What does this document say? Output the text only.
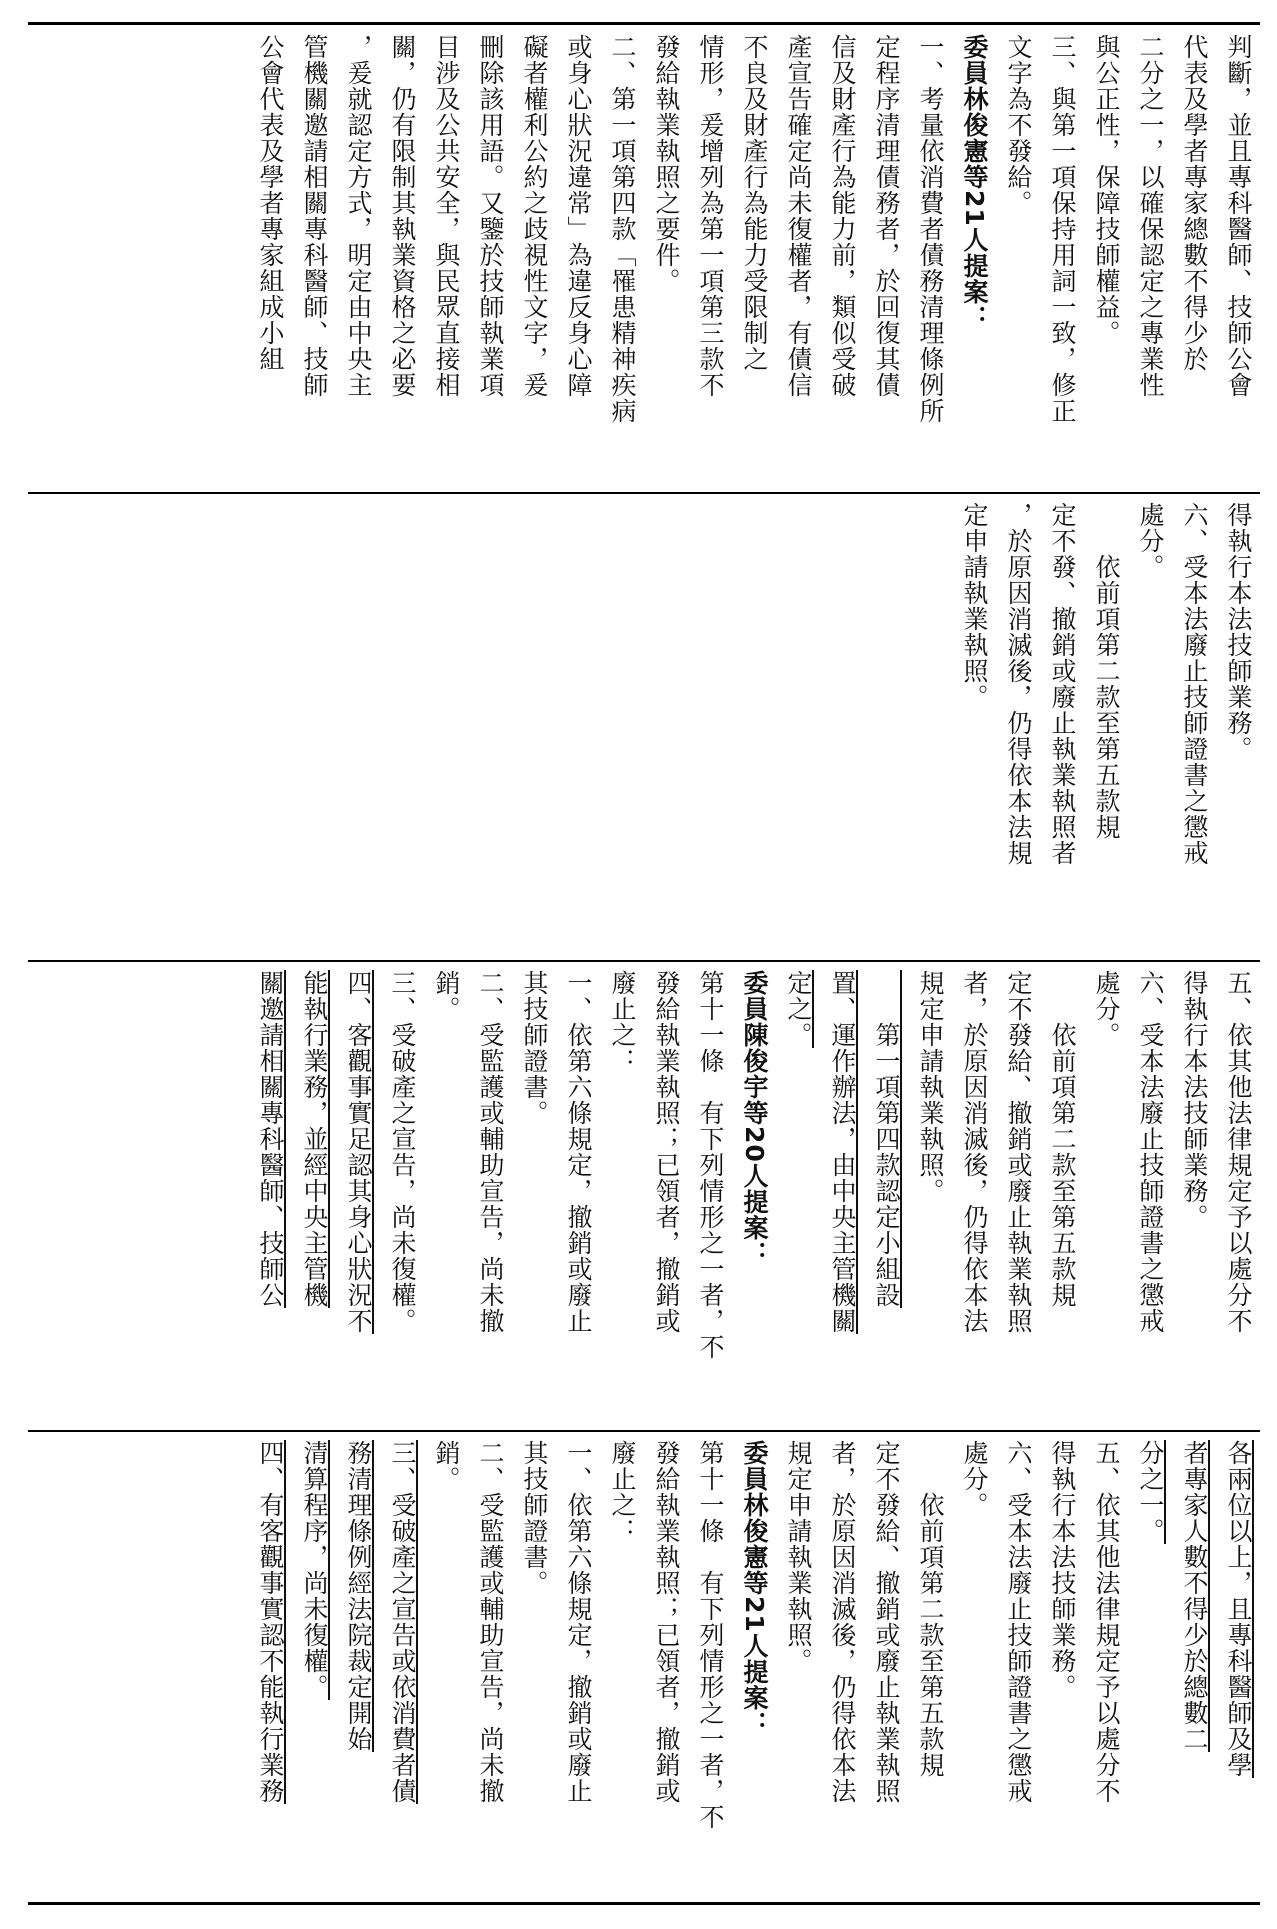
判斷，並且專科醫師、技師公會

代表及學者專家總數不得少於

二分之一，以確保認定之專業性

與公正性，保障技師權益。

三、與第一項保持用詞一致，修正

文字為不發給。

委員林俊憲等21人提案：

一、考量依消費者債務清理條例所

定程序清理債務者，於回復其債

信及財產行為能力前，類似受破

產宣告確定尚未復權者，有債信

不良及財產行為能力受限制之

情形，爰增列為第一項第三款不

發給執業執照之要件。

二、第一項第四款「罹患精神疾病

或身心狀況違常」為違反身心障

礙者權利公約之歧視性文字，爰

刪除該用語。又鑒於技師執業項

目涉及公共安全，與民眾直接相

關，仍有限制其執業資格之必要

，爰就認定方式，明定由中央主

管機關邀請相關專科醫師、技師

公會代表及學者專家組成小組

得執行本法技師業務。

六、受本法廢止技師證書之懲戒

處分。

　　依前項第二款至第五款規

定不發、撤銷或廢止執業執照者

，於原因消滅後，仍得依本法規

定申請執業執照。

五、依其他法律規定予以處分不

得執行本法技師業務。

六、受本法廢止技師證書之懲戒

處分。

　　依前項第二款至第五款規

定不發給、撤銷或廢止執業執照

者，於原因消滅後，仍得依本法

規定申請執業執照。

　　第一項第四款認定小組設

置、運作辦法，由中央主管機關

定之。

委員陳俊宇等20人提案：

第十一條　有下列情形之一者，不

發給執業執照；已領者，撤銷或

廢止之：

一、依第六條規定，撤銷或廢止

其技師證書。

二、受監護或輔助宣告，尚未撤

銷。

三、受破產之宣告，尚未復權。

四、客觀事實足認其身心狀況不

能執行業務，並經中央主管機

關邀請相關專科醫師、技師公

各兩位以上，且專科醫師及學

者專家人數不得少於總數二

分之一。

五、依其他法律規定予以處分不

得執行本法技師業務。

六、受本法廢止技師證書之懲戒

處分。

　　依前項第二款至第五款規

定不發給、撤銷或廢止執業執照

者，於原因消滅後，仍得依本法

規定申請執業執照。

委員林俊憲等21人提案：

第十一條　有下列情形之一者，不

發給執業執照；已領者，撤銷或

廢止之：

一、依第六條規定，撤銷或廢止

其技師證書。

二、受監護或輔助宣告，尚未撤

銷。

三、受破產之宣告或依消費者債

務清理條例經法院裁定開始

清算程序，尚未復權。

四、有客觀事實認不能執行業務
